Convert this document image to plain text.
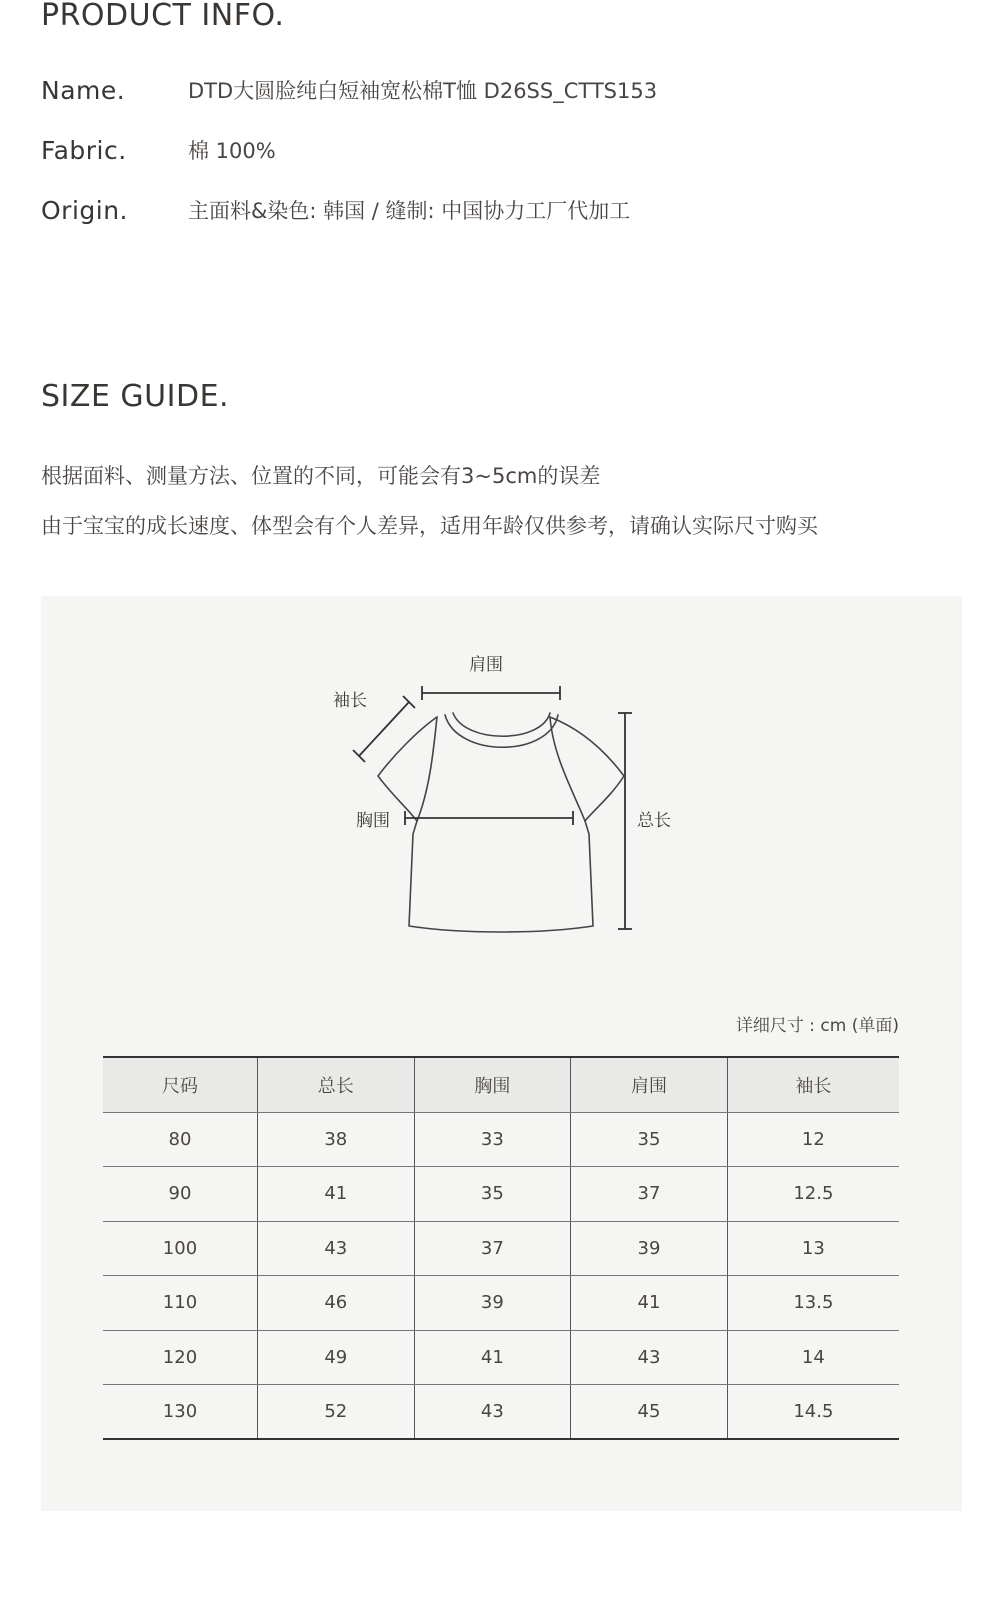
PRODUCT INFO.
Name.	DTD大圆脸纯白短袖宽松棉T恤 D26SS_CTTS153
Fabric.	棉 100%
Origin.	主面料&染色: 韩国 / 缝制: 中国协力工厂代加工
SIZE GUIDE.
根据面料、测量方法、位置的不同，可能会有3~5cm的误差
由于宝宝的成长速度、体型会有个人差异，适用年龄仅供参考，请确认实际尺寸购买
肩围
袖长
胸围	总长
详细尺寸 : cm (单面)
尺码	总长	胸围	肩围	袖长
80	38	33	35	12
90	41	35	37	12.5
100	43	37	39	13
110	46	39	41	13.5
120	49	41	43	14
130	52	43	45	14.5
